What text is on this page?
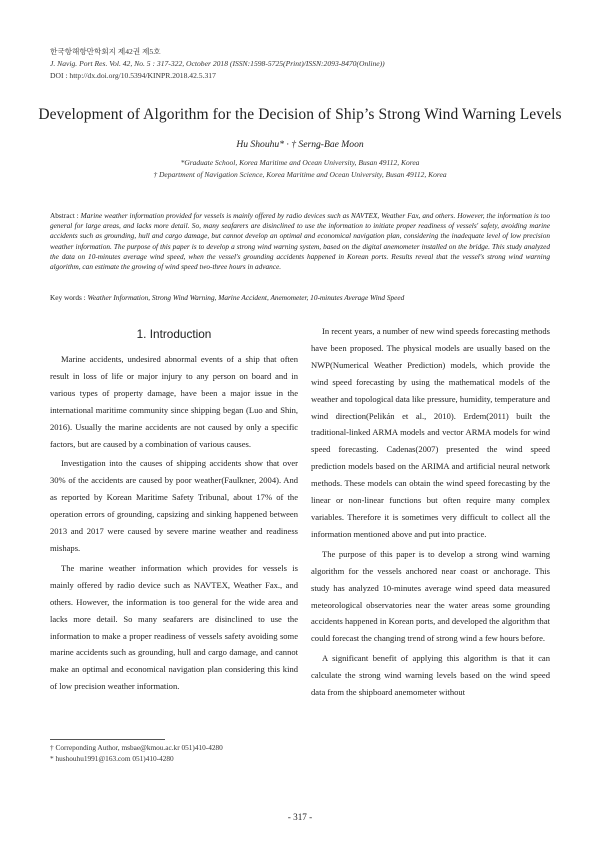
한국항해항만학회지 제42권 제5호
J. Navig. Port Res. Vol. 42, No. 5 : 317-322, October 2018 (ISSN:1598-5725(Print)/ISSN:2093-8470(Online))
DOI : http://dx.doi.org/10.5394/KINPR.2018.42.5.317
Development of Algorithm for the Decision of Ship’s Strong Wind Warning Levels
Hu Shouhu* · † Sernǥ-Bae Moon
*Graduate School, Korea Maritime and Ocean University, Busan 49112, Korea
† Department of Navigation Science, Korea Maritime and Ocean University, Busan 49112, Korea
Abstract : Marine weather information provided for vessels is mainly offered by radio devices such as NAVTEX, Weather Fax, and others. However, the information is too general for large areas, and lacks more detail. So, many seafarers are disinclined to use the information to initiate proper readiness of vessels' safety, avoiding marine accidents such as grounding, hull and cargo damage, but cannot develop an optimal and economical navigation plan, considering the inadequate level of low precision weather information. The purpose of this paper is to develop a strong wind warning system, based on the digital anemometer installed on the bridge. This study analyzed the data on 10-minutes average wind speed, when the vessel's grounding accidents happened in Korean ports. Results reveal that the vessel's strong wind warning algorithm, can estimate the growing of wind speed two-three hours in advance.
Key words : Weather Information, Strong Wind Warning, Marine Accident, Anemometer, 10-minutes Average Wind Speed
1. Introduction

Marine accidents, undesired abnormal events of a ship that often result in loss of life or major injury to any person on board and in various types of property damage, have been a major issue in the international maritime community since shipping began (Luo and Shin, 2016). Usually the marine accidents are not caused by only a specific factors, but are caused by a combination of various causes.

Investigation into the causes of shipping accidents show that over 30% of the accidents are caused by poor weather(Faulkner, 2004). And as reported by Korean Maritime Safety Tribunal, about 17% of the operation errors of grounding, capsizing and sinking happened between 2013 and 2017 were caused by severe marine weather and readiness mishaps.

The marine weather information which provides for vessels is mainly offered by radio device such as NAVTEX, Weather Fax., and others. However, the information is too general for the wide area and lacks more detail. So many seafarers are disinclined to use the information to make a proper readiness of vessels safety avoiding some marine accidents such as grounding, hull and cargo damage, and cannot make an optimal and economical navigation plan considering this kind of low precision weather information.

In recent years, a number of new wind speeds forecasting methods have been proposed. The physical models are usually based on the NWP(Numerical Weather Prediction) models, which provide the wind speed forecasting by using the mathematical models of the weather and topological data like pressure, humidity, temperature and wind direction(Pelikán et al., 2010). Erdem(2011) built the traditional-linked ARMA models and vector ARMA models for wind speed forecasting. Cadenas(2007) presented the wind speed prediction models based on the ARIMA and artificial neural network methods. These models can obtain the wind speed forecasting by the linear or non-linear functions but often require many complex variables. Therefore it is sometimes very difficult to collect all the information mentioned above and put into practice.

The purpose of this paper is to develop a strong wind warning algorithm for the vessels anchored near coast or anchorage. This study has analyzed 10-minutes average wind speed data measured meteorological observatories near the water areas some grounding accidents happened in Korean ports, and developed the algorithm that could forecast the changing trend of strong wind a few hours before.

A significant benefit of applying this algorithm is that it can calculate the strong wind warning levels based on the wind speed data from the shipboard anemometer without

† Correponding Author, msbae@kmou.ac.kr 051)410-4280
* hushouhu1991@163.com 051)410-4280
- 317 -
